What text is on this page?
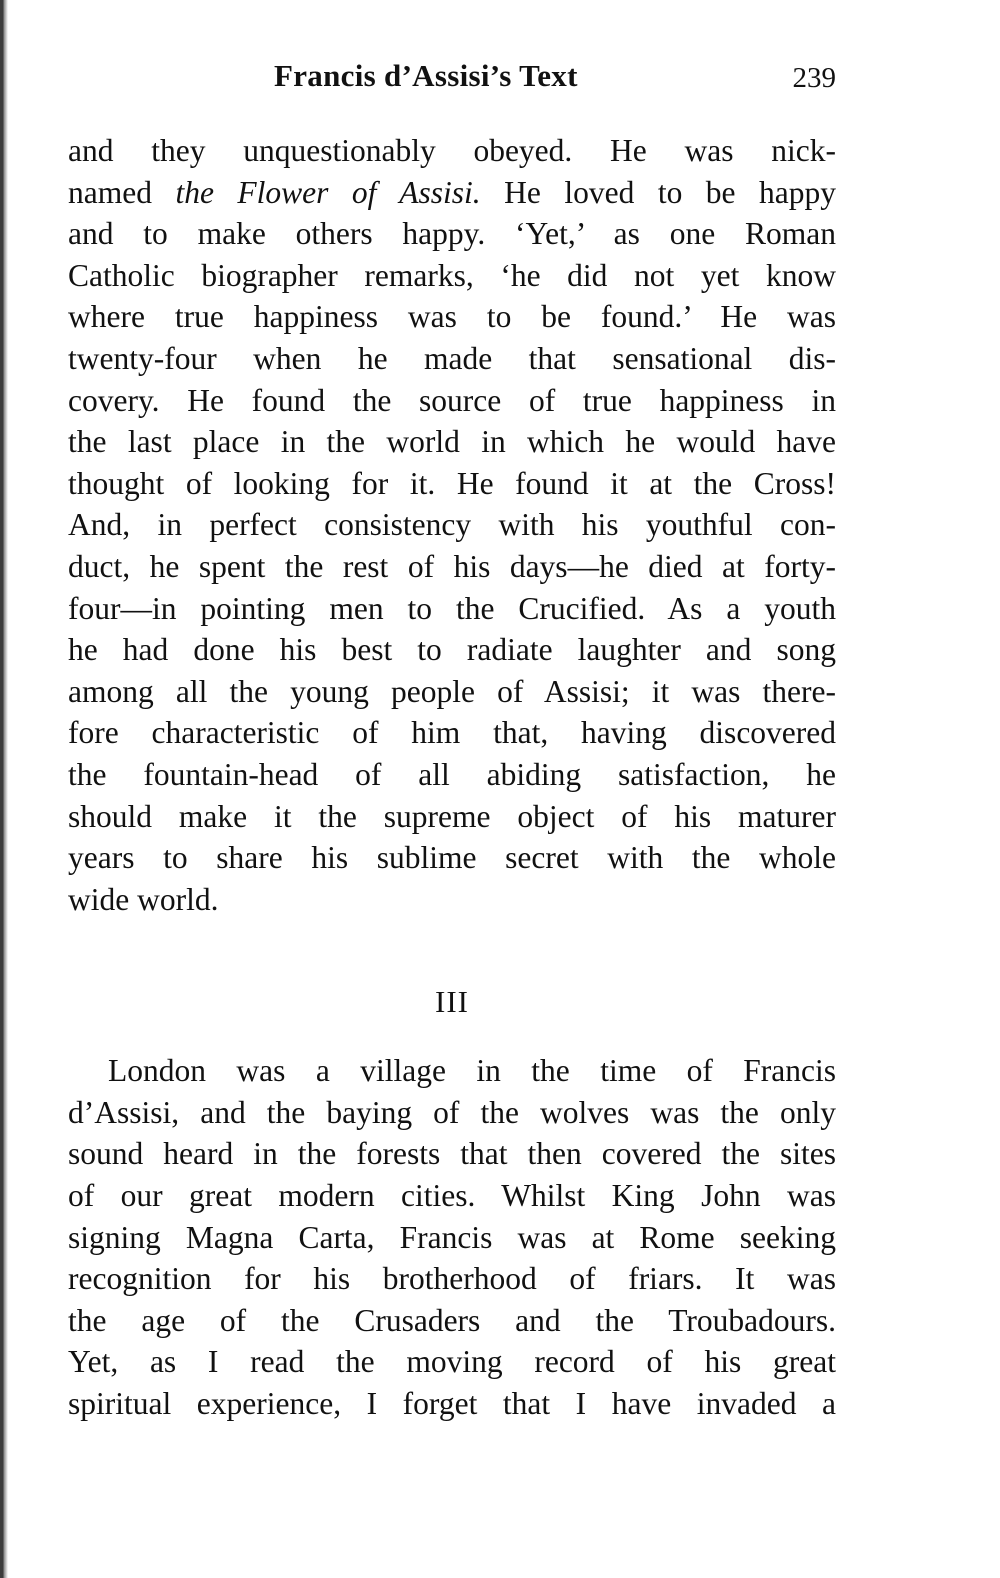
Francis d’Assisi’s Text	239

and they unquestionably obeyed. He was nick-
named the Flower of Assisi. He loved to be happy
and to make others happy. ‘Yet,’ as one Roman
Catholic biographer remarks, ‘he did not yet know
where true happiness was to be found.’ He was
twenty-four when he made that sensational dis-
covery. He found the source of true happiness in
the last place in the world in which he would have
thought of looking for it. He found it at the Cross!
And, in perfect consistency with his youthful con-
duct, he spent the rest of his days—he died at forty-
four—in pointing men to the Crucified. As a youth
he had done his best to radiate laughter and song
among all the young people of Assisi; it was there-
fore characteristic of him that, having discovered
the fountain-head of all abiding satisfaction, he
should make it the supreme object of his maturer
years to share his sublime secret with the whole
wide world.

III

London was a village in the time of Francis
d’Assisi, and the baying of the wolves was the only
sound heard in the forests that then covered the sites
of our great modern cities. Whilst King John was
signing Magna Carta, Francis was at Rome seeking
recognition for his brotherhood of friars. It was
the age of the Crusaders and the Troubadours.
Yet, as I read the moving record of his great
spiritual experience, I forget that I have invaded a
